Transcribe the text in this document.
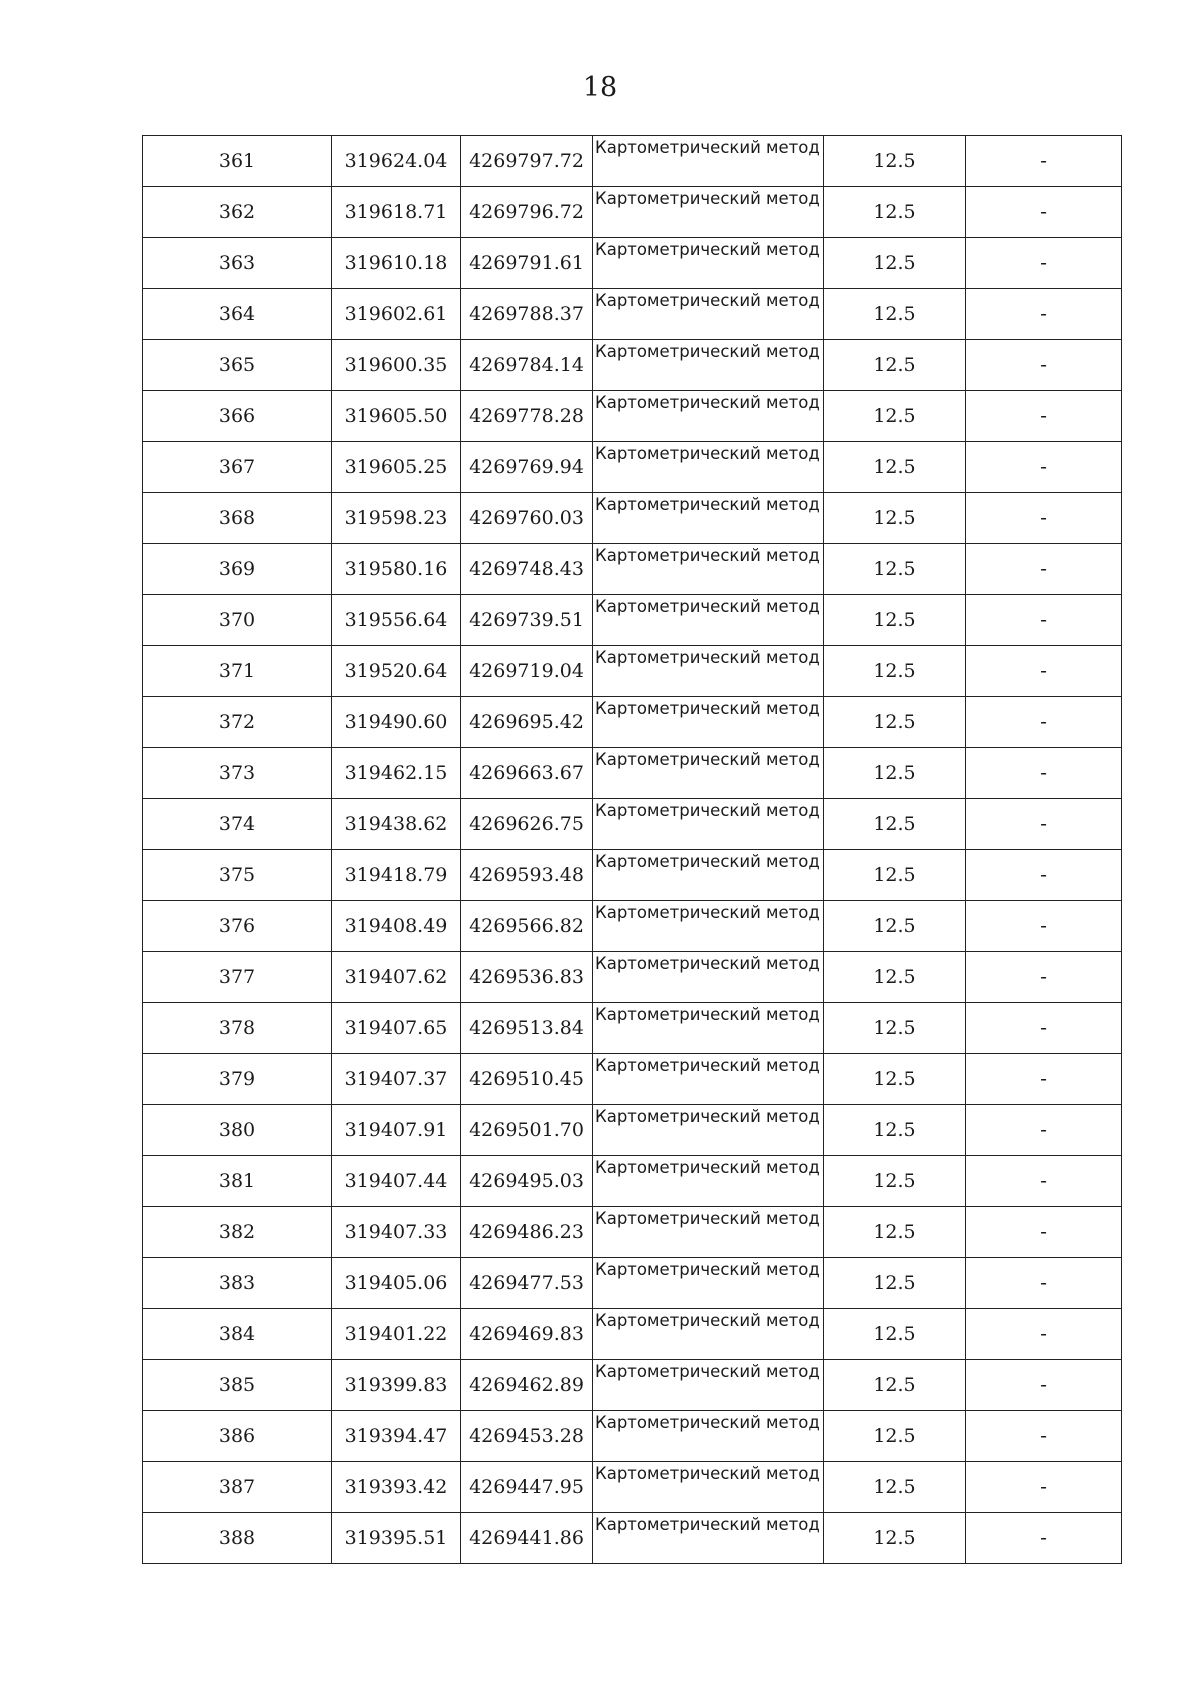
18
361	319624.04	4269797.72	Картометрический метод	12.5	-
362	319618.71	4269796.72	Картометрический метод	12.5	-
363	319610.18	4269791.61	Картометрический метод	12.5	-
364	319602.61	4269788.37	Картометрический метод	12.5	-
365	319600.35	4269784.14	Картометрический метод	12.5	-
366	319605.50	4269778.28	Картометрический метод	12.5	-
367	319605.25	4269769.94	Картометрический метод	12.5	-
368	319598.23	4269760.03	Картометрический метод	12.5	-
369	319580.16	4269748.43	Картометрический метод	12.5	-
370	319556.64	4269739.51	Картометрический метод	12.5	-
371	319520.64	4269719.04	Картометрический метод	12.5	-
372	319490.60	4269695.42	Картометрический метод	12.5	-
373	319462.15	4269663.67	Картометрический метод	12.5	-
374	319438.62	4269626.75	Картометрический метод	12.5	-
375	319418.79	4269593.48	Картометрический метод	12.5	-
376	319408.49	4269566.82	Картометрический метод	12.5	-
377	319407.62	4269536.83	Картометрический метод	12.5	-
378	319407.65	4269513.84	Картометрический метод	12.5	-
379	319407.37	4269510.45	Картометрический метод	12.5	-
380	319407.91	4269501.70	Картометрический метод	12.5	-
381	319407.44	4269495.03	Картометрический метод	12.5	-
382	319407.33	4269486.23	Картометрический метод	12.5	-
383	319405.06	4269477.53	Картометрический метод	12.5	-
384	319401.22	4269469.83	Картометрический метод	12.5	-
385	319399.83	4269462.89	Картометрический метод	12.5	-
386	319394.47	4269453.28	Картометрический метод	12.5	-
387	319393.42	4269447.95	Картометрический метод	12.5	-
388	319395.51	4269441.86	Картометрический метод	12.5	-
